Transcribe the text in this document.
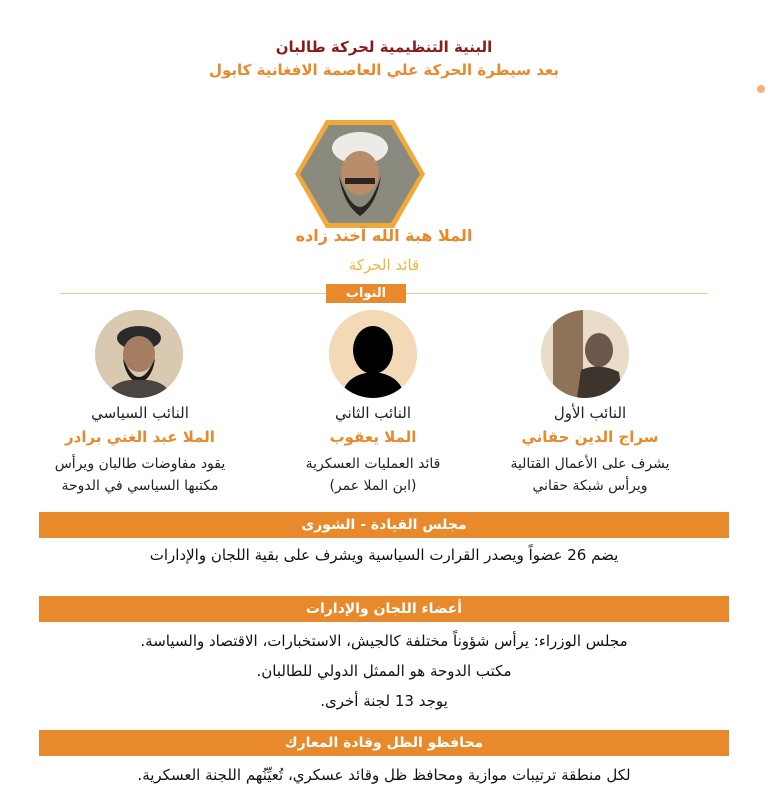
البنية التنظيمية لحركة طالبان
بعد سيطرة الحركة علي العاصمة الافغانية كابول
الملا هبة الله آخند زاده
قائد الحركة
النواب
النائب الأول
سراج الدين حقاني
يشرف على الأعمال القتالية
ويرأس شبكة حقاني
النائب الثاني
الملا يعقوب
قائد العمليات العسكرية
(ابن الملا عمر)
النائب السياسي
الملا عبد الغني برادر
يقود مفاوضات طالبان ويرأس
مكتبها السياسي في الدوحة
مجلس القيادة - الشورى
يضم 26 عضواً ويصدر القرارت السياسية ويشرف على بقية اللجان والإدارات
أعضاء اللجان والإدارات
مجلس الوزراء: يرأس شؤوناً مختلفة كالجيش، الاستخبارات، الاقتصاد والسياسة.
مكتب الدوحة هو الممثل الدولي للطالبان.
يوجد 13 لجنة أخرى.
محافظو الظل وقادة المعارك
لكل منطقة ترتيبات موازية ومحافظ ظل وقائد عسكري، تُعيِّنُهم اللجنة العسكرية.
